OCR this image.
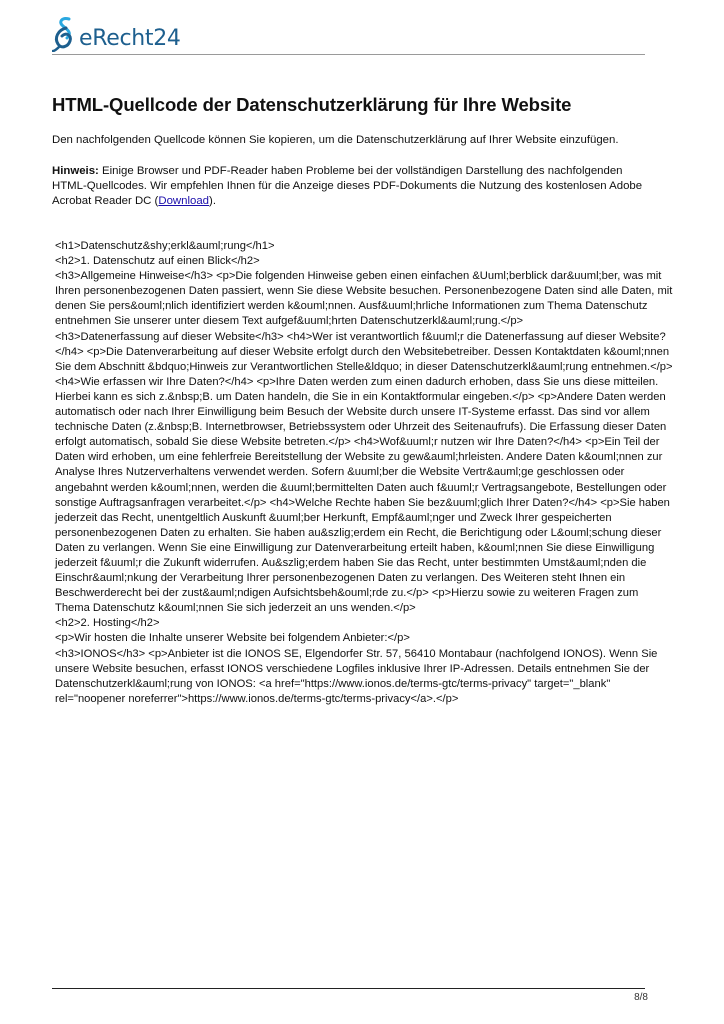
eRecht24
HTML-Quellcode der Datenschutzerklärung für Ihre Website

Den nachfolgenden Quellcode können Sie kopieren, um die Datenschutzerklärung auf Ihrer Website einzufügen.

Hinweis: Einige Browser und PDF-Reader haben Probleme bei der vollständigen Darstellung des nachfolgenden HTML-Quellcodes. Wir empfehlen Ihnen für die Anzeige dieses PDF-Dokuments die Nutzung des kostenlosen Adobe Acrobat Reader DC (Download).

<h1>Datenschutz&shy;erkl&auml;rung</h1>
<h2>1. Datenschutz auf einen Blick</h2>
<h3>Allgemeine Hinweise</h3> <p>Die folgenden Hinweise geben einen einfachen &Uuml;berblick dar&uuml;ber, was mit Ihren personenbezogenen Daten passiert, wenn Sie diese Website besuchen. Personenbezogene Daten sind alle Daten, mit denen Sie pers&ouml;nlich identifiziert werden k&ouml;nnen. Ausf&uuml;hrliche Informationen zum Thema Datenschutz entnehmen Sie unserer unter diesem Text aufgef&uuml;hrten Datenschutzerkl&auml;rung.</p>
<h3>Datenerfassung auf dieser Website</h3> <h4>Wer ist verantwortlich f&uuml;r die Datenerfassung auf dieser Website?</h4> <p>Die Datenverarbeitung auf dieser Website erfolgt durch den Websitebetreiber. Dessen Kontaktdaten k&ouml;nnen Sie dem Abschnitt &bdquo;Hinweis zur Verantwortlichen Stelle&ldquo; in dieser Datenschutzerkl&auml;rung entnehmen.</p> <h4>Wie erfassen wir Ihre Daten?</h4> <p>Ihre Daten werden zum einen dadurch erhoben, dass Sie uns diese mitteilen. Hierbei kann es sich z.&nbsp;B. um Daten handeln, die Sie in ein Kontaktformular eingeben.</p> <p>Andere Daten werden automatisch oder nach Ihrer Einwilligung beim Besuch der Website durch unsere IT-Systeme erfasst. Das sind vor allem technische Daten (z.&nbsp;B. Internetbrowser, Betriebssystem oder Uhrzeit des Seitenaufrufs). Die Erfassung dieser Daten erfolgt automatisch, sobald Sie diese Website betreten.</p> <h4>Wof&uuml;r nutzen wir Ihre Daten?</h4> <p>Ein Teil der Daten wird erhoben, um eine fehlerfreie Bereitstellung der Website zu gew&auml;hrleisten. Andere Daten k&ouml;nnen zur Analyse Ihres Nutzerverhaltens verwendet werden. Sofern &uuml;ber die Website Vertr&auml;ge geschlossen oder angebahnt werden k&ouml;nnen, werden die &uuml;bermittelten Daten auch f&uuml;r Vertragsangebote, Bestellungen oder sonstige Auftragsanfragen verarbeitet.</p> <h4>Welche Rechte haben Sie bez&uuml;glich Ihrer Daten?</h4> <p>Sie haben jederzeit das Recht, unentgeltlich Auskunft &uuml;ber Herkunft, Empf&auml;nger und Zweck Ihrer gespeicherten personenbezogenen Daten zu erhalten. Sie haben au&szlig;erdem ein Recht, die Berichtigung oder L&ouml;schung dieser Daten zu verlangen. Wenn Sie eine Einwilligung zur Datenverarbeitung erteilt haben, k&ouml;nnen Sie diese Einwilligung jederzeit f&uuml;r die Zukunft widerrufen. Au&szlig;erdem haben Sie das Recht, unter bestimmten Umst&auml;nden die Einschr&auml;nkung der Verarbeitung Ihrer personenbezogenen Daten zu verlangen. Des Weiteren steht Ihnen ein Beschwerderecht bei der zust&auml;ndigen Aufsichtsbeh&ouml;rde zu.</p> <p>Hierzu sowie zu weiteren Fragen zum Thema Datenschutz k&ouml;nnen Sie sich jederzeit an uns wenden.</p>
<h2>2. Hosting</h2>
<p>Wir hosten die Inhalte unserer Website bei folgendem Anbieter:</p>
<h3>IONOS</h3> <p>Anbieter ist die IONOS SE, Elgendorfer Str. 57, 56410 Montabaur (nachfolgend IONOS). Wenn Sie unsere Website besuchen, erfasst IONOS verschiedene Logfiles inklusive Ihrer IP-Adressen. Details entnehmen Sie der Datenschutzerkl&auml;rung von IONOS: <a href="https://www.ionos.de/terms-gtc/terms-privacy" target="_blank" rel="noopener noreferrer">https://www.ionos.de/terms-gtc/terms-privacy</a>.</p>
8/8
